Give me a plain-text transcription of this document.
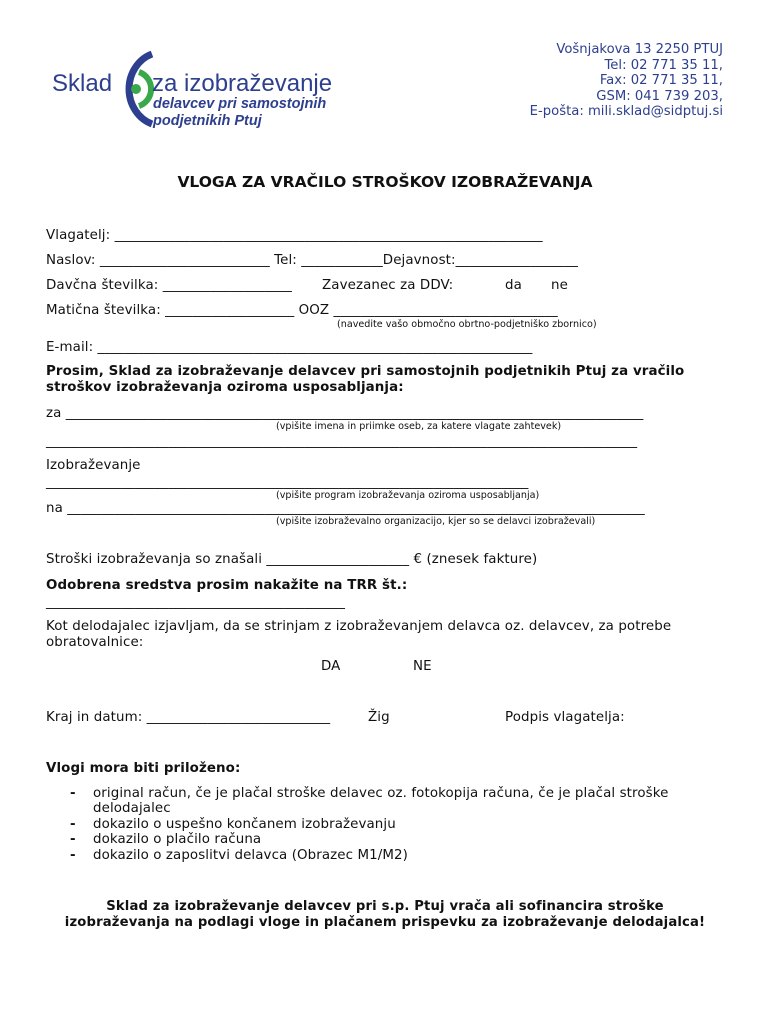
Sklad za izobraževanje
delavcev pri samostojnih
podjetnikih Ptuj
Vošnjakova 13 2250 PTUJ
Tel: 02 771 35 11,
Fax: 02 771 35 11,
GSM: 041 739 203,
E-pošta: mili.sklad@sidptuj.si
VLOGA ZA VRAČILO STROŠKOV IZOBRAŽEVANJA
Vlagatelj: _______________________________________________________________
Naslov: _________________________ Tel: ____________Dejavnost:__________________
Davčna številka: ___________________ Zavezanec za DDV:	da ne
Matična številka: ___________________ OOZ _________________________________
(navedite vašo območno obrtno-podjetniško zbornico)
E-mail: ________________________________________________________________
Prosim, Sklad za izobraževanje delavcev pri samostojnih podjetnikih Ptuj za vračilo
stroškov izobraževanja oziroma usposabljanja:
za _____________________________________________________________________________________
(vpišite imena in priimke oseb, za katere vlagate zahtevek)
_______________________________________________________________________________________
Izobraževanje
_______________________________________________________________________
(vpišite program izobraževanja oziroma usposabljanja)
na _____________________________________________________________________________________
(vpišite izobraževalno organizacijo, kjer so se delavci izobraževali)
Stroški izobraževanja so znašali _____________________ € (znesek fakture)
Odobrena sredstva prosim nakažite na TRR št.:
____________________________________________
Kot delodajalec izjavljam, da se strinjam z izobraževanjem delavca oz. delavcev, za potrebe
obratovalnice:
DA	NE
Kraj in datum: ___________________________	Žig	Podpis vlagatelja:
Vlogi mora biti priloženo:
- original račun, če je plačal stroške delavec oz. fotokopija računa, če je plačal stroške
delodajalec
- dokazilo o uspešno končanem izobraževanju
- dokazilo o plačilo računa
- dokazilo o zaposlitvi delavca (Obrazec M1/M2)
Sklad za izobraževanje delavcev pri s.p. Ptuj vrača ali sofinancira stroške izobraževanja na podlagi vloge in plačanem prispevku za izobraževanje delodajalca!
